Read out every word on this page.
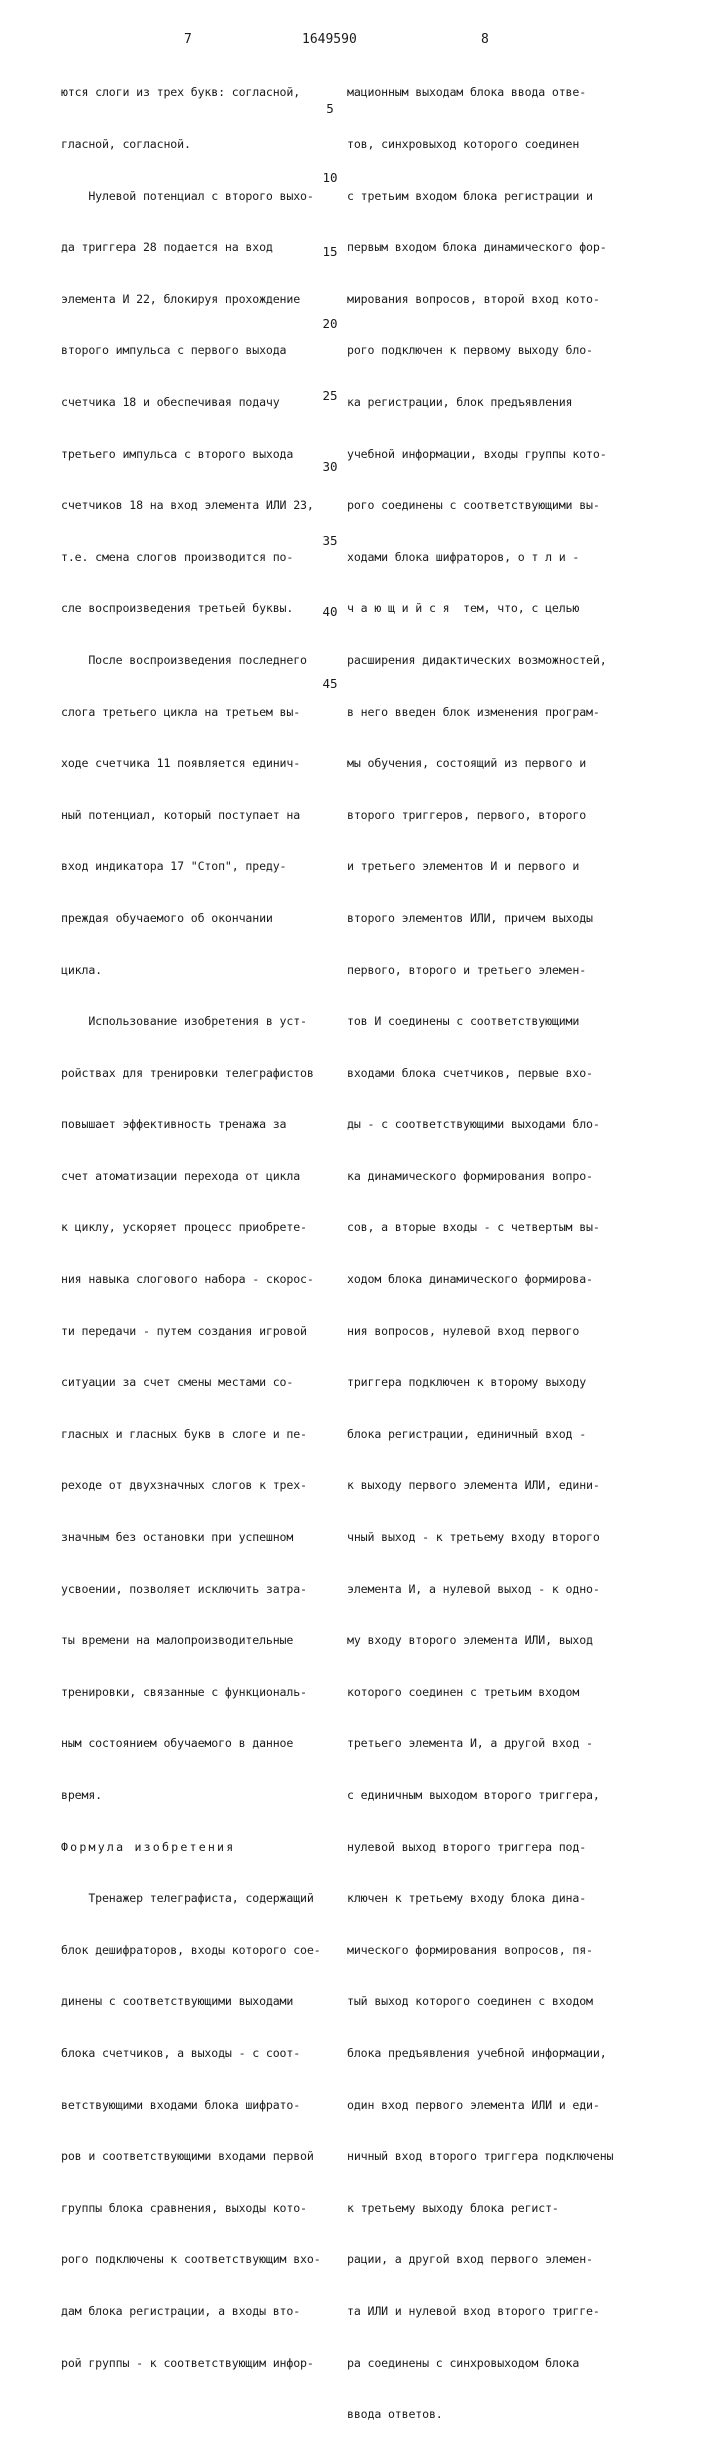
7	1649590	8

ются слоги из трех букв: согласной,

гласной, согласной.

Нулевой потенциал с второго выхо-

да триггера 28 подается на вход

элемента И 22, блокируя прохождение

второго импульса с первого выхода

счетчика 18 и обеспечивая подачу

третьего импульса с второго выхода

счетчиков 18 на вход элемента ИЛИ 23,

т.е. смена слогов производится по-

сле воспроизведения третьей буквы.

После воспроизведения последнего

слога третьего цикла на третьем вы-

ходе счетчика 11 появляется единич-

ный потенциал, который поступает на

вход индикатора 17 "Стоп", преду-

преждая обучаемого об окончании

цикла.

Использование изобретения в уст-

ройствах для тренировки телеграфистов

повышает эффективность тренажа за

счет атоматизации перехода от цикла

к циклу, ускоряет процесс приобрете-

ния навыка слогового набора - скорос-

ти передачи - путем создания игровой

ситуации за счет смены местами со-

гласных и гласных букв в слоге и пе-

реходе от двухзначных слогов к трех-

значным без остановки при успешном

усвоении, позволяет исключить затра-

ты времени на малопроизводительные

тренировки, связанные с функциональ-

ным состоянием обучаемого в данное

время.

Формула изобретения

Тренажер телеграфиста, содержащий

блок дешифраторов, входы которого сое-

динены с соответствующими выходами

блока счетчиков, а выходы - с соот-

ветствующими входами блока шифрато-

ров и соответствующими входами первой

группы блока сравнения, выходы кото-

рого подключены к соответствующим вхо-

дам блока регистрации, а входы вто-

рой группы - к соответствующим инфор-

5
10
15
20
25
30
35
40
45

мационным выходам блока ввода отве-

тов, синхровыход которого соединен

с третьим входом блока регистрации и

первым входом блока динамического фор-

мирования вопросов, второй вход кото-

рого подключен к первому выходу бло-

ка регистрации, блок предъявления

учебной информации, входы группы кото-

рого соединены с соответствующими вы-

ходами блока шифраторов, о т л и -

ч а ю щ и й с я  тем, что, с целью

расширения дидактических возможностей,

в него введен блок изменения програм-

мы обучения, состоящий из первого и

второго триггеров, первого, второго

и третьего элементов И и первого и

второго элементов ИЛИ, причем выходы

первого, второго и третьего элемен-

тов И соединены с соответствующими

входами блока счетчиков, первые вхо-

ды - с соответствующими выходами бло-

ка динамического формирования вопро-

сов, а вторые входы - с четвертым вы-

ходом блока динамического формирова-

ния вопросов, нулевой вход первого

триггера подключен к второму выходу

блока регистрации, единичный вход -

к выходу первого элемента ИЛИ, едини-

чный выход - к третьему входу второго

элемента И, а нулевой выход - к одно-

му входу второго элемента ИЛИ, выход

которого соединен с третьим входом

третьего элемента И, а другой вход -

с единичным выходом второго триггера,

нулевой выход второго триггера под-

ключен к третьему входу блока дина-

мического формирования вопросов, пя-

тый выход которого соединен с входом

блока предъявления учебной информации,

один вход первого элемента ИЛИ и еди-

ничный вход второго триггера подключены

к третьему выходу блока регист-

рации, а другой вход первого элемен-

та ИЛИ и нулевой вход второго тригге-

ра соединены с синхровыходом блока

ввода ответов.
